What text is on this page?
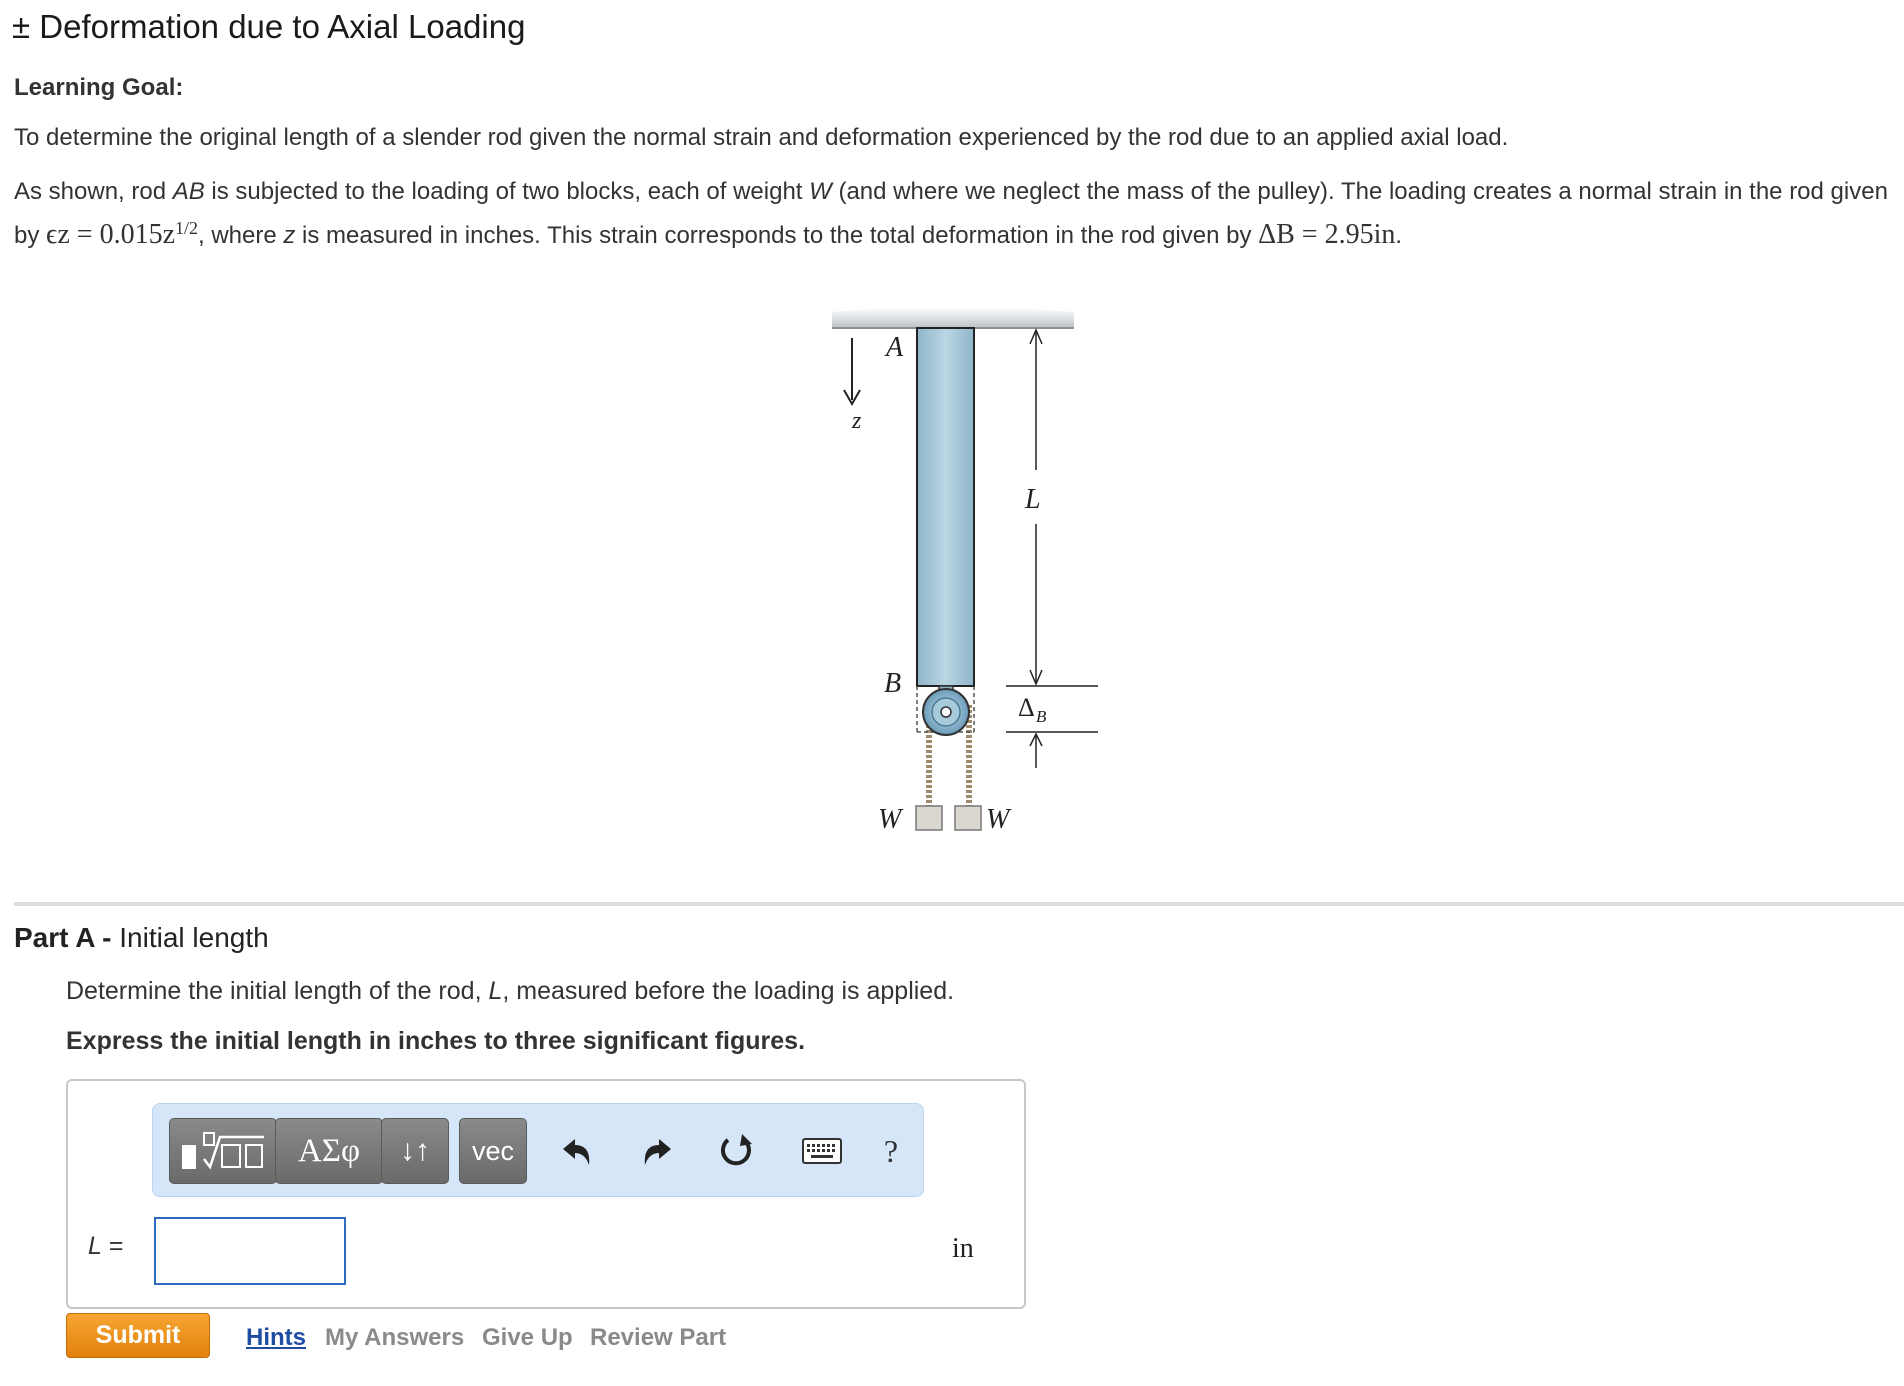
± Deformation due to Axial Loading
Learning Goal:
To determine the original length of a slender rod given the normal strain and deformation experienced by the rod due to an applied axial load.
As shown, rod AB is subjected to the loading of two blocks, each of weight W (and where we neglect the mass of the pulley). The loading creates a normal strain in the rod given by $\epsilon z = 0.015z^{1/2}$, where z is measured in inches. This strain corresponds to the total deformation in the rod given by ΔB = 2.95in.
A
z
L
B
Δ B
W	W
Part A - Initial length
Determine the initial length of the rod, L, measured before the loading is applied.
Express the initial length in inches to three significant figures.
ΑΣφ	↓↑	vec	?
L =	in
Submit	Hints My Answers Give Up Review Part
